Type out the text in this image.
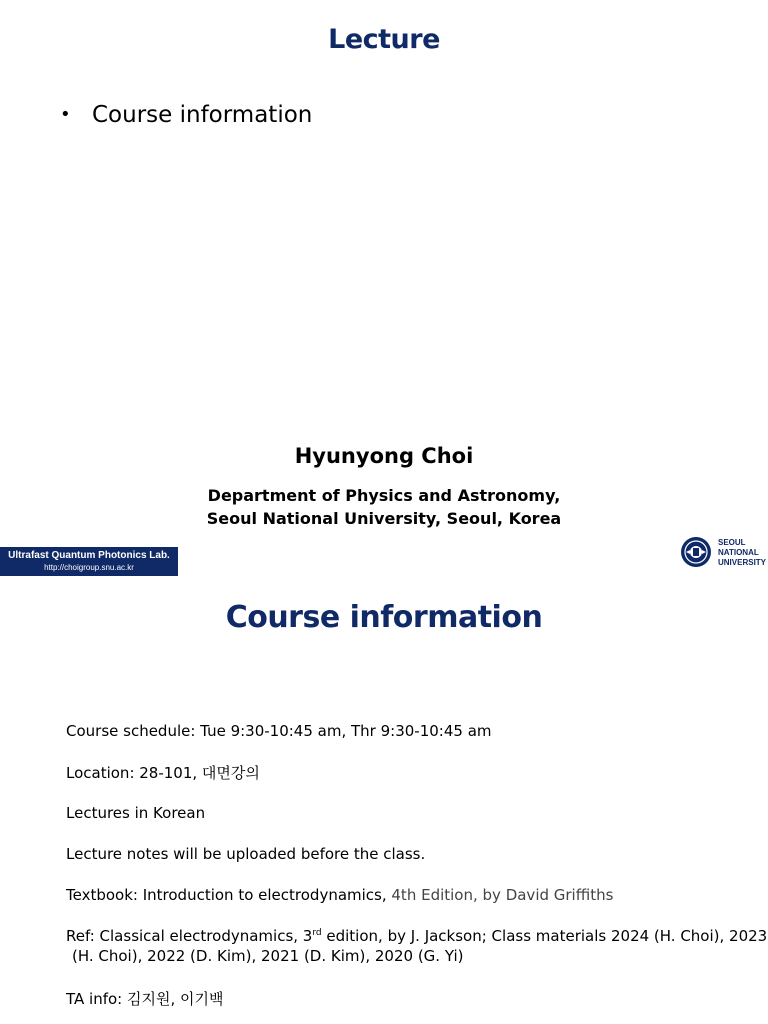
Lecture
• Course information
Hyunyong Choi
Department of Physics and Astronomy,
Seoul National University, Seoul, Korea
Ultrafast Quantum Photonics Lab.
http://choigroup.snu.ac.kr
SEOUL
NATIONAL
UNIVERSITY
Course information
Course schedule: Tue 9:30-10:45 am, Thr 9:30-10:45 am
Location: 28-101, 대면강의
Lectures in Korean
Lecture notes will be uploaded before the class.
Textbook: Introduction to electrodynamics, 4th Edition, by David Griffiths
Ref: Classical electrodynamics, 3rd edition, by J. Jackson; Class materials 2024 (H. Choi), 2023
(H. Choi), 2022 (D. Kim), 2021 (D. Kim), 2020 (G. Yi)
TA info: 김지원, 이기백
